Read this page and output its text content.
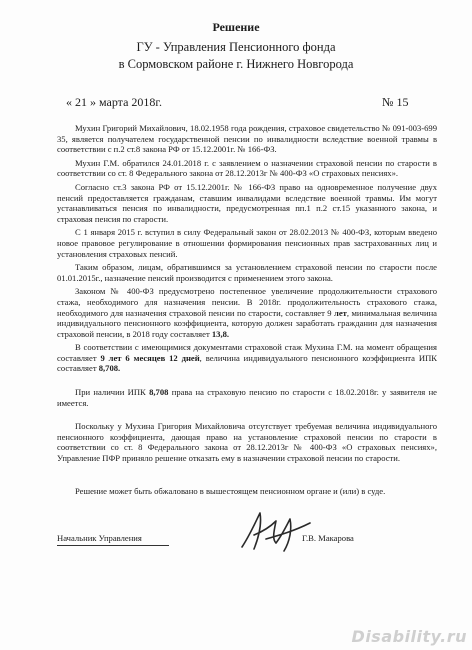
Решение
ГУ - Управления Пенсионного фонда
в Сормовском районе г. Нижнего Новгорода
« 21 » марта 2018г.	№ 15

Мухин Григорий Михайлович, 18.02.1958 года рождения, страховое свидетельство № 091-003-699 35, является получателем государственной пенсии по инвалидности вследствие военной травмы в соответствии с п.2 ст.8 закона РФ от 15.12.2001г. № 166-ФЗ.

Мухин Г.М. обратился 24.01.2018 г. с заявлением о назначении страховой пенсии по старости в соответствии со ст. 8 Федерального закона от 28.12.2013г № 400-ФЗ «О страховых пенсиях».

Согласно ст.3 закона РФ от 15.12.2001г. № 166-ФЗ право на одновременное получение двух пенсий предоставляется гражданам, ставшим инвалидами вследствие военной травмы. Им могут устанавливаться пенсия по инвалидности, предусмотренная пп.1 п.2 ст.15 указанного закона, и страховая пенсия по старости.

С 1 января 2015 г. вступил в силу Федеральный закон от 28.02.2013 № 400-ФЗ, которым введено новое правовое регулирование в отношении формирования пенсионных прав застрахованных лиц и установления страховых пенсий.

Таким образом, лицам, обратившимся за установлением страховой пенсии по старости после 01.01.2015г., назначение пенсий производится с применением этого закона.

Законом № 400-ФЗ предусмотрено постепенное увеличение продолжительности страхового стажа, необходимого для назначения пенсии. В 2018г. продолжительность страхового стажа, необходимого для назначения страховой пенсии по старости, составляет 9 лет, минимальная величина индивидуального пенсионного коэффициента, которую должен заработать гражданин для назначения страховой пенсии, в 2018 году составляет 13,8.

В соответствии с имеющимися документами страховой стаж Мухина Г.М. на момент обращения составляет 9 лет 6 месяцев 12 дней, величина индивидуального пенсионного коэффициента ИПК составляет 8,708.

При наличии ИПК 8,708 права на страховую пенсию по старости с 18.02.2018г. у заявителя не имеется.

Поскольку у Мухина Григория Михайловича отсутствует требуемая величина индивидуального пенсионного коэффициента, дающая право на установление страховой пенсии по старости в соответствии со ст. 8 Федерального закона от 28.12.2013г № 400-ФЗ «О страховых пенсиях», Управление ПФР приняло решение отказать ему в назначении страховой пенсии по старости.

Решение может быть обжаловано в вышестоящем пенсионном органе и (или) в суде.
Начальник Управления	Г.В. Макарова
Disability.ru
